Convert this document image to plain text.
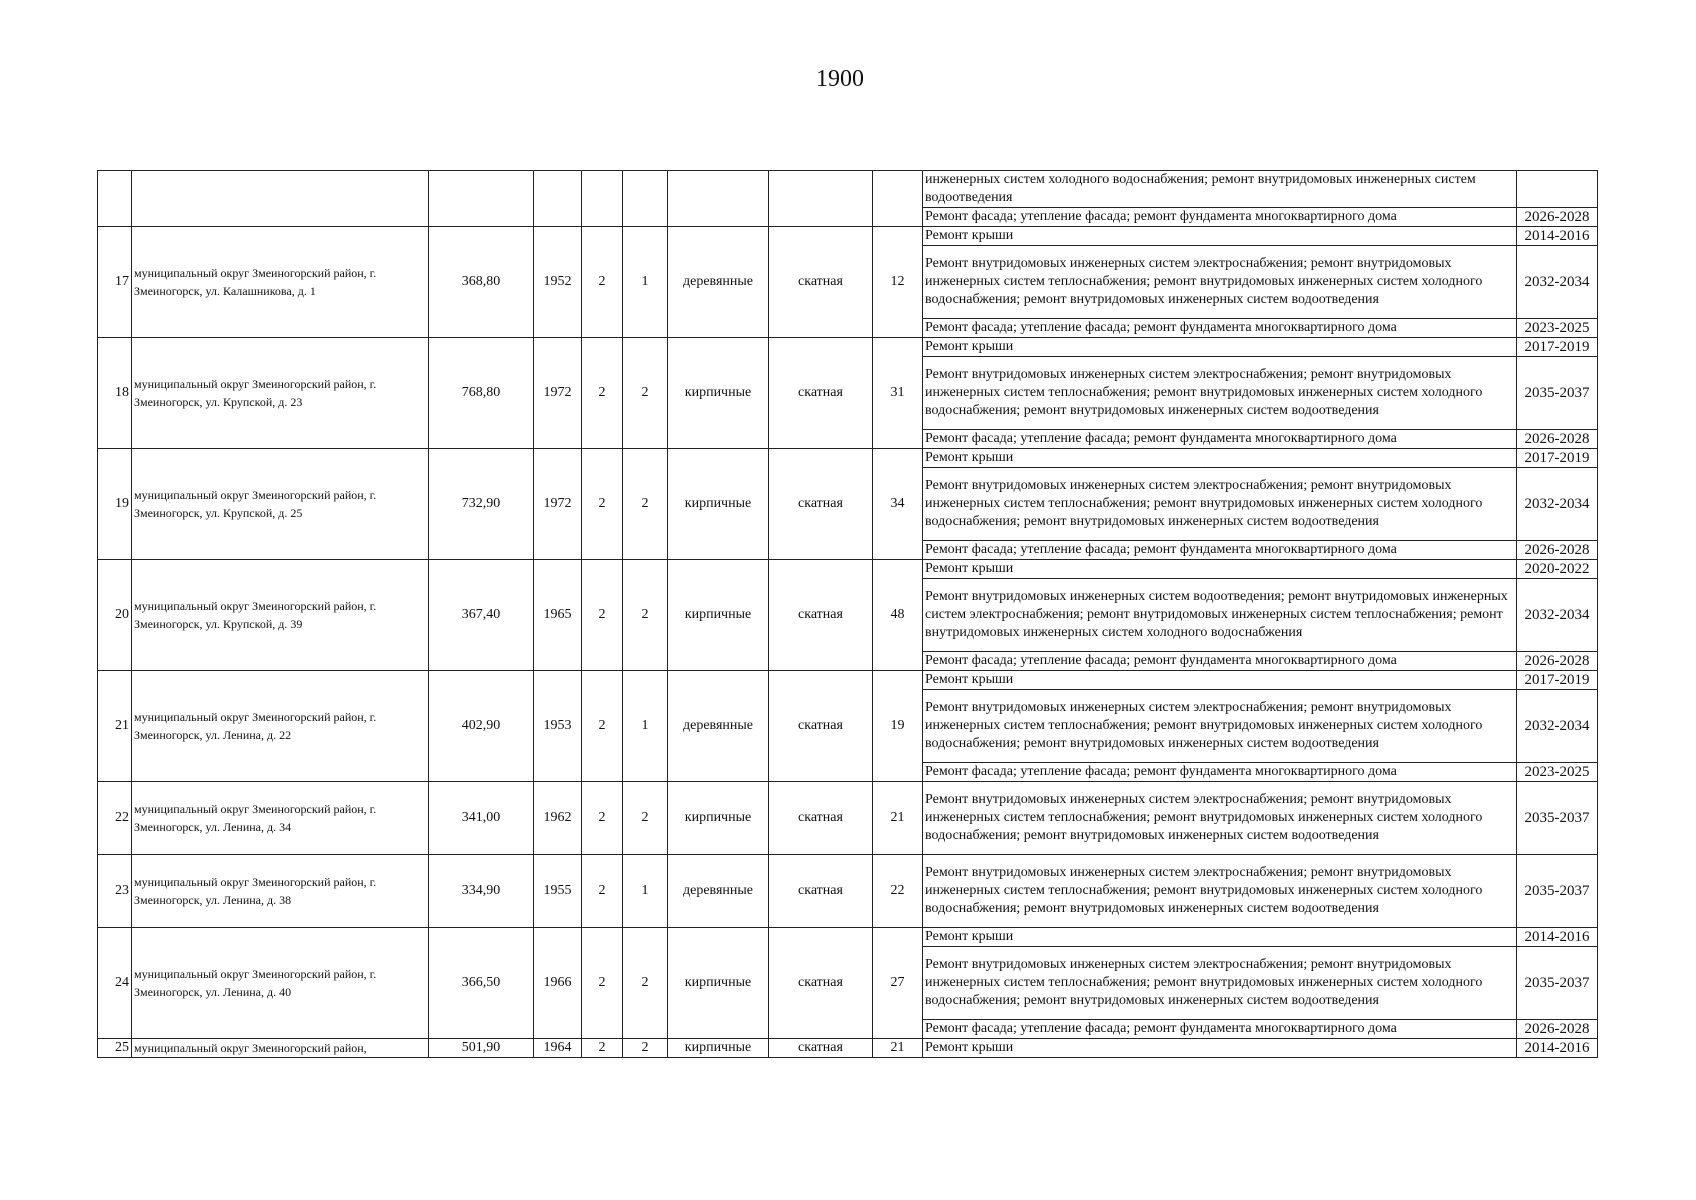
1900
									инженерных систем холодного водоснабжения; ремонт внутридомовых инженерных систем водоотведения	
									Ремонт фасада; утепление фасада; ремонт фундамента многоквартирного дома	2026-2028
17	муниципальный округ Змеиногорский район, г. Змеиногорск, ул. Калашникова, д. 1	368,80	1952	2	1	деревянные	скатная	12	Ремонт крыши	2014-2016
									Ремонт внутридомовых инженерных систем электроснабжения; ремонт внутридомовых инженерных систем теплоснабжения; ремонт внутридомовых инженерных систем холодного водоснабжения; ремонт внутридомовых инженерных систем водоотведения	2032-2034
									Ремонт фасада; утепление фасада; ремонт фундамента многоквартирного дома	2023-2025
18	муниципальный округ Змеиногорский район, г. Змеиногорск, ул. Крупской, д. 23	768,80	1972	2	2	кирпичные	скатная	31	Ремонт крыши	2017-2019
									Ремонт внутридомовых инженерных систем электроснабжения; ремонт внутридомовых инженерных систем теплоснабжения; ремонт внутридомовых инженерных систем холодного водоснабжения; ремонт внутридомовых инженерных систем водоотведения	2035-2037
									Ремонт фасада; утепление фасада; ремонт фундамента многоквартирного дома	2026-2028
19	муниципальный округ Змеиногорский район, г. Змеиногорск, ул. Крупской, д. 25	732,90	1972	2	2	кирпичные	скатная	34	Ремонт крыши	2017-2019
									Ремонт внутридомовых инженерных систем электроснабжения; ремонт внутридомовых инженерных систем теплоснабжения; ремонт внутридомовых инженерных систем холодного водоснабжения; ремонт внутридомовых инженерных систем водоотведения	2032-2034
									Ремонт фасада; утепление фасада; ремонт фундамента многоквартирного дома	2026-2028
20	муниципальный округ Змеиногорский район, г. Змеиногорск, ул. Крупской, д. 39	367,40	1965	2	2	кирпичные	скатная	48	Ремонт крыши	2020-2022
									Ремонт внутридомовых инженерных систем водоотведения; ремонт внутридомовых инженерных систем электроснабжения; ремонт внутридомовых инженерных систем теплоснабжения; ремонт внутридомовых инженерных систем холодного водоснабжения	2032-2034
									Ремонт фасада; утепление фасада; ремонт фундамента многоквартирного дома	2026-2028
21	муниципальный округ Змеиногорский район, г. Змеиногорск, ул. Ленина, д. 22	402,90	1953	2	1	деревянные	скатная	19	Ремонт крыши	2017-2019
									Ремонт внутридомовых инженерных систем электроснабжения; ремонт внутридомовых инженерных систем теплоснабжения; ремонт внутридомовых инженерных систем холодного водоснабжения; ремонт внутридомовых инженерных систем водоотведения	2032-2034
									Ремонт фасада; утепление фасада; ремонт фундамента многоквартирного дома	2023-2025
22	муниципальный округ Змеиногорский район, г. Змеиногорск, ул. Ленина, д. 34	341,00	1962	2	2	кирпичные	скатная	21	Ремонт внутридомовых инженерных систем электроснабжения; ремонт внутридомовых инженерных систем теплоснабжения; ремонт внутридомовых инженерных систем холодного водоснабжения; ремонт внутридомовых инженерных систем водоотведения	2035-2037
23	муниципальный округ Змеиногорский район, г. Змеиногорск, ул. Ленина, д. 38	334,90	1955	2	1	деревянные	скатная	22	Ремонт внутридомовых инженерных систем электроснабжения; ремонт внутридомовых инженерных систем теплоснабжения; ремонт внутридомовых инженерных систем холодного водоснабжения; ремонт внутридомовых инженерных систем водоотведения	2035-2037
24	муниципальный округ Змеиногорский район, г. Змеиногорск, ул. Ленина, д. 40	366,50	1966	2	2	кирпичные	скатная	27	Ремонт крыши	2014-2016
									Ремонт внутридомовых инженерных систем электроснабжения; ремонт внутридомовых инженерных систем теплоснабжения; ремонт внутридомовых инженерных систем холодного водоснабжения; ремонт внутридомовых инженерных систем водоотведения	2035-2037
									Ремонт фасада; утепление фасада; ремонт фундамента многоквартирного дома	2026-2028
25	муниципальный округ Змеиногорский район,	501,90	1964	2	2	кирпичные	скатная	21	Ремонт крыши	2014-2016
